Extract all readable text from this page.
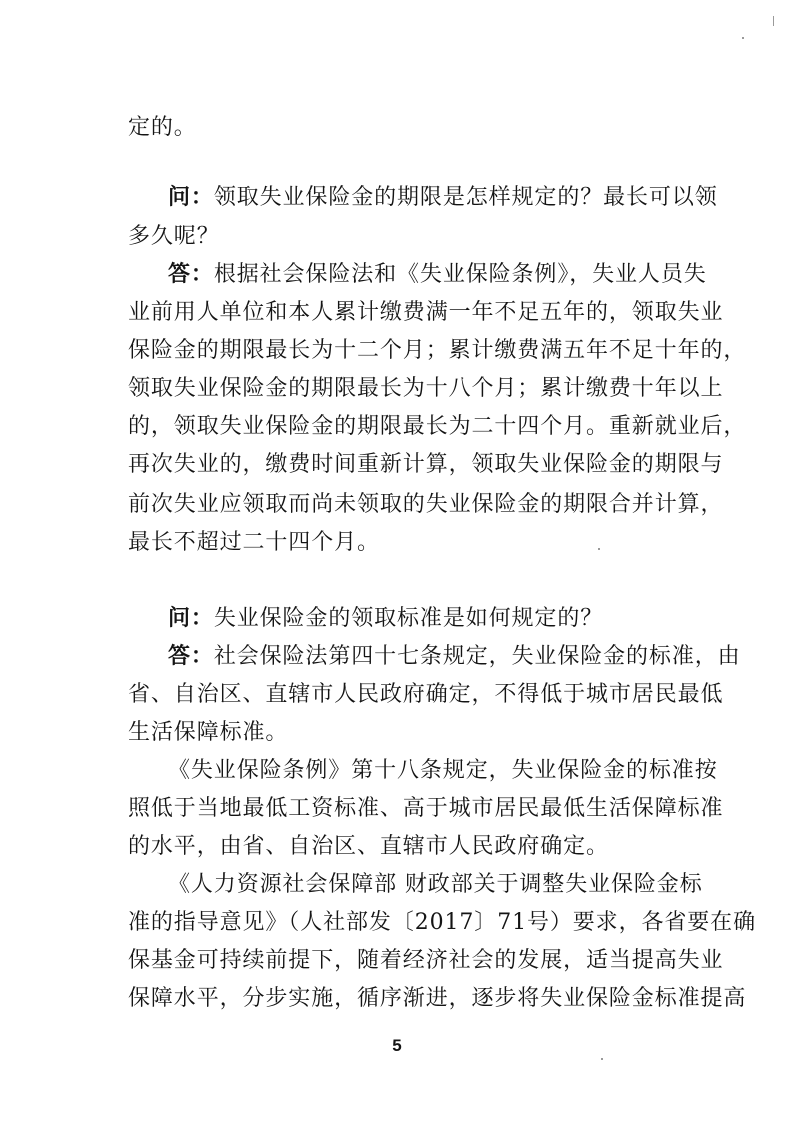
定的。
问：领取失业保险金的期限是怎样规定的？最长可以领
多久呢？
答：根据社会保险法和《失业保险条例》，失业人员失
业前用人单位和本人累计缴费满一年不足五年的，领取失业
保险金的期限最长为十二个月；累计缴费满五年不足十年的，
领取失业保险金的期限最长为十八个月；累计缴费十年以上
的，领取失业保险金的期限最长为二十四个月。重新就业后，
再次失业的，缴费时间重新计算，领取失业保险金的期限与
前次失业应领取而尚未领取的失业保险金的期限合并计算，
最长不超过二十四个月。
问：失业保险金的领取标准是如何规定的？
答：社会保险法第四十七条规定，失业保险金的标准，由
省、自治区、直辖市人民政府确定，不得低于城市居民最低
生活保障标准。
《失业保险条例》第十八条规定，失业保险金的标准按
照低于当地最低工资标准、高于城市居民最低生活保障标准
的水平，由省、自治区、直辖市人民政府确定。
《人力资源社会保障部 财政部关于调整失业保险金标
准的指导意见》（人社部发〔2017〕71号）要求，各省要在确
保基金可持续前提下，随着经济社会的发展，适当提高失业
保障水平，分步实施，循序渐进，逐步将失业保险金标准提高
5
